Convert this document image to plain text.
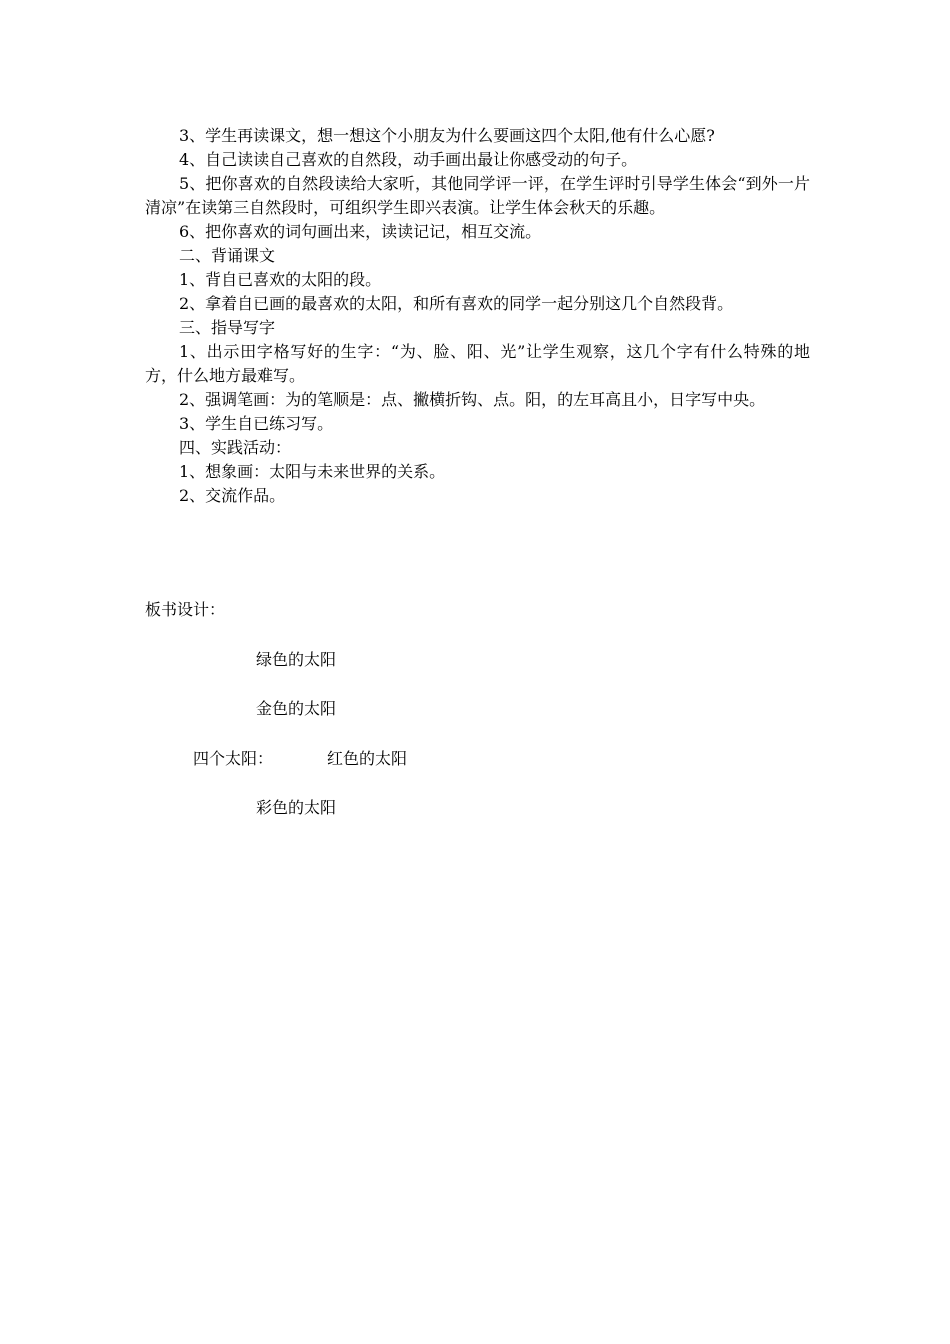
3、学生再读课文，想一想这个小朋友为什么要画这四个太阳,他有什么心愿?

4、自己读读自己喜欢的自然段，动手画出最让你感受动的句子。

5、把你喜欢的自然段读给大家听，其他同学评一评，在学生评时引导学生体会“到外一片清凉”在读第三自然段时，可组织学生即兴表演。让学生体会秋天的乐趣。

6、把你喜欢的词句画出来，读读记记，相互交流。

二、背诵课文

1、背自已喜欢的太阳的段。

2、拿着自已画的最喜欢的太阳，和所有喜欢的同学一起分别这几个自然段背。

三、指导写字

1、出示田字格写好的生字：“为、脸、阳、光”让学生观察，这几个字有什么特殊的地方，什么地方最难写。

2、强调笔画：为的笔顺是：点、撇横折钩、点。阳，的左耳高且小，日字写中央。

3、学生自已练习写。

四、实践活动：

1、想象画：太阳与未来世界的关系。

2、交流作品。

板书设计：

绿色的太阳

金色的太阳

四个太阳：	红色的太阳

彩色的太阳
